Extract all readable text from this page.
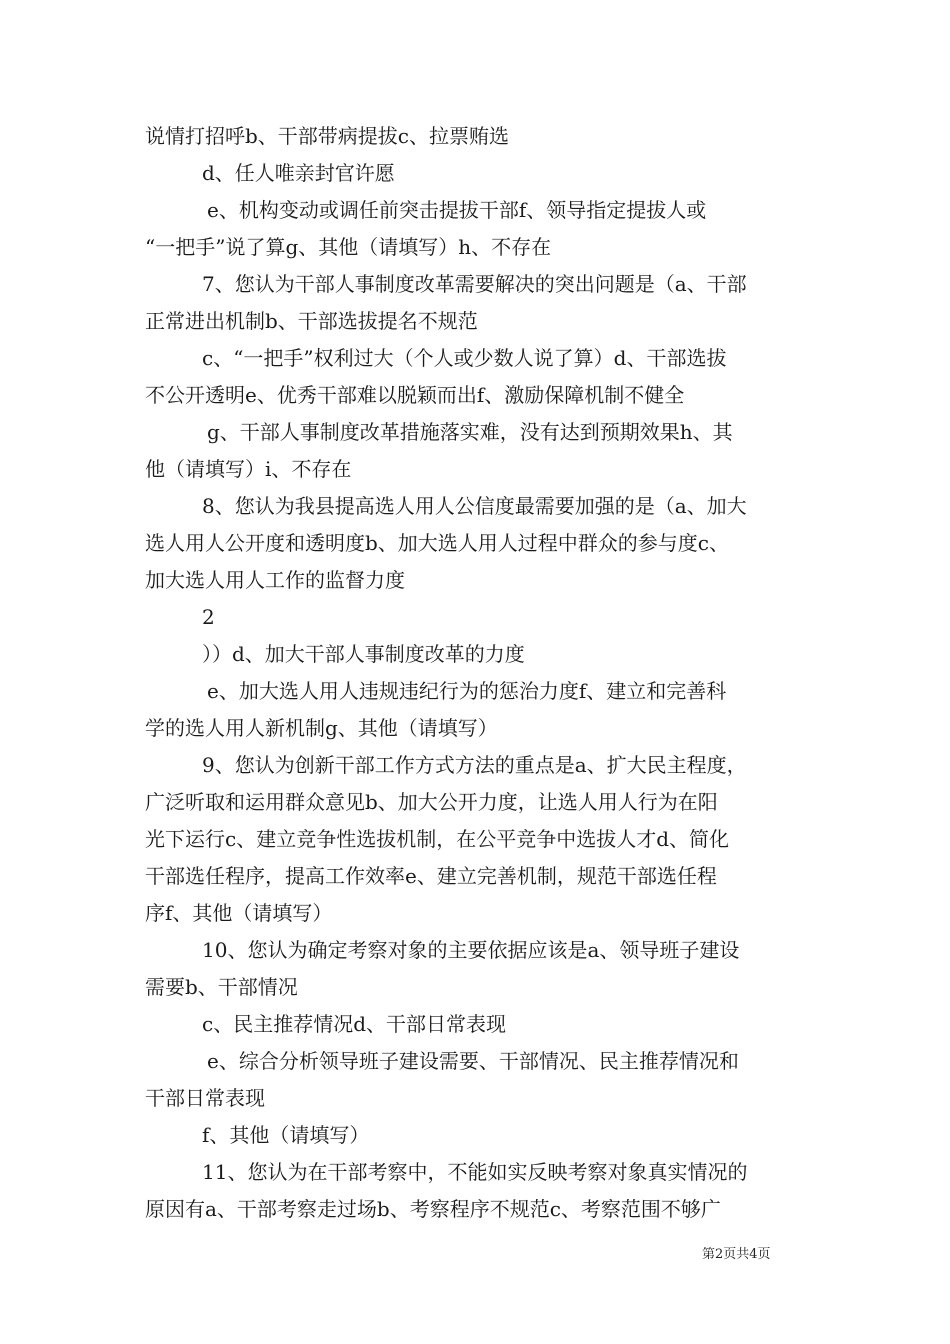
说情打招呼b、干部带病提拔c、拉票贿选
d、任人唯亲封官许愿
e、机构变动或调任前突击提拔干部f、领导指定提拔人或
“一把手”说了算g、其他（请填写）h、不存在
7、您认为干部人事制度改革需要解决的突出问题是（a、干部
正常进出机制b、干部选拔提名不规范
c、“一把手”权利过大（个人或少数人说了算）d、干部选拔
不公开透明e、优秀干部难以脱颖而出f、激励保障机制不健全
g、干部人事制度改革措施落实难，没有达到预期效果h、其
他（请填写）i、不存在
8、您认为我县提高选人用人公信度最需要加强的是（a、加大
选人用人公开度和透明度b、加大选人用人过程中群众的参与度c、
加大选人用人工作的监督力度
2
））d、加大干部人事制度改革的力度
e、加大选人用人违规违纪行为的惩治力度f、建立和完善科
学的选人用人新机制g、其他（请填写）
9、您认为创新干部工作方式方法的重点是a、扩大民主程度，
广泛听取和运用群众意见b、加大公开力度，让选人用人行为在阳
光下运行c、建立竞争性选拔机制，在公平竞争中选拔人才d、简化
干部选任程序，提高工作效率e、建立完善机制，规范干部选任程
序f、其他（请填写）
10、您认为确定考察对象的主要依据应该是a、领导班子建设
需要b、干部情况
c、民主推荐情况d、干部日常表现
e、综合分析领导班子建设需要、干部情况、民主推荐情况和
干部日常表现
f、其他（请填写）
11、您认为在干部考察中，不能如实反映考察对象真实情况的
原因有a、干部考察走过场b、考察程序不规范c、考察范围不够广
第2页共4页
